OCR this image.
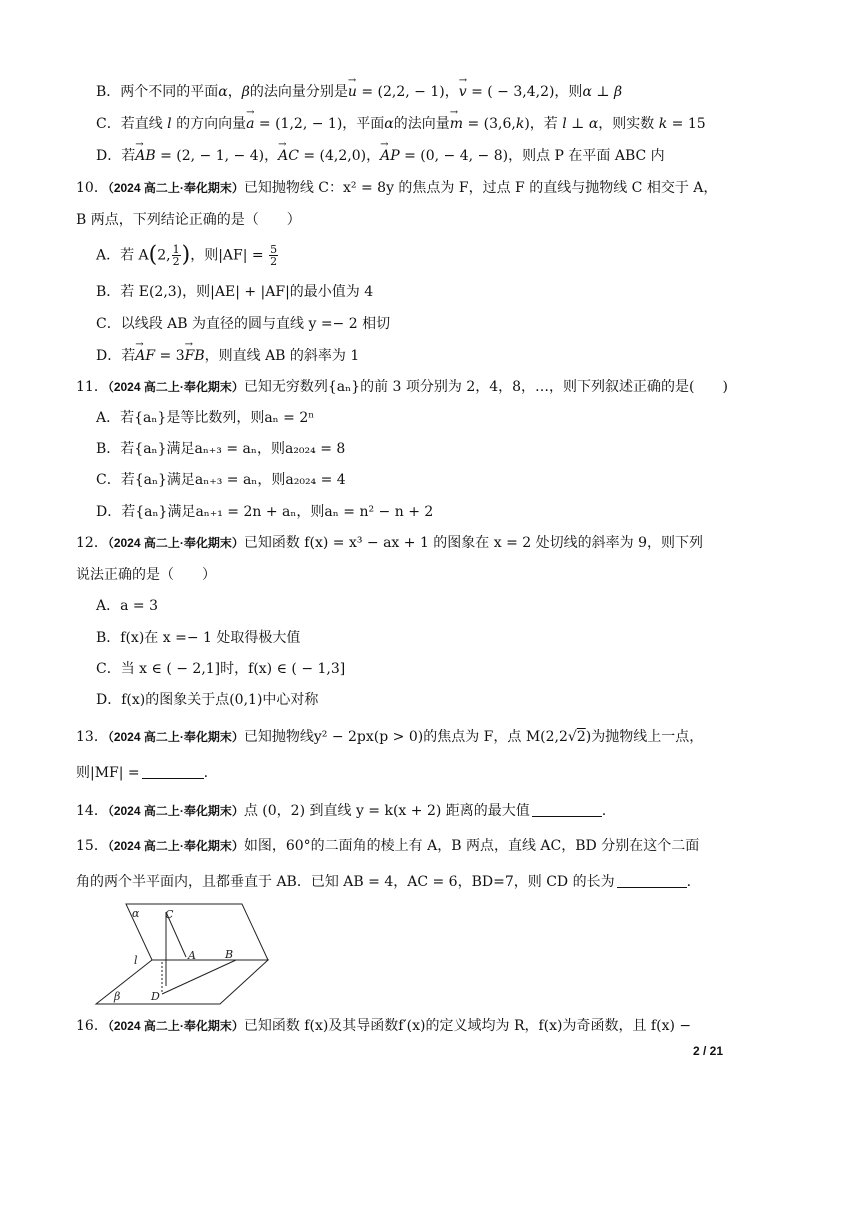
B．两个不同的平面α，β的法向量分别是→ u = (2,2, − 1)，→ v = ( − 3,4,2)，则α ⊥ β
C．若直线 l 的方向向量→ a = (1,2, − 1)，平面α的法向量→ m = (3,6,k)，若 l ⊥ α，则实数 k = 15
D．若→ AB = (2, − 1, − 4)，→ AC = (4,2,0)，→ AP = (0, − 4, − 8)，则点 P 在平面 ABC 内
10．（2024 高二上·奉化期末）已知抛物线 C：x² = 8y 的焦点为 F，过点 F 的直线与抛物线 C 相交于 A，
B 两点，下列结论正确的是（　　）
A．若 A(2, $\frac{1}{2}$ )，则$|AF| = \frac{5}{2}$
B．若 E(2,3)，则|AE| + |AF|的最小值为 4
C．以线段 AB 为直径的圆与直线 y =− 2 相切
D．若→ AF = 3→ FB，则直线 AB 的斜率为 1
11．（2024 高二上·奉化期末）已知无穷数列{aₙ}的前 3 项分别为 2，4，8，…，则下列叙述正确的是(　　)
A．若{aₙ}是等比数列，则aₙ = 2ⁿ
B．若{aₙ}满足aₙ₊₃ = aₙ，则a₂₀₂₄ = 8
C．若{aₙ}满足aₙ₊₃ = aₙ，则a₂₀₂₄ = 4
D．若{aₙ}满足aₙ₊₁ = 2n + aₙ，则aₙ = n² − n + 2
12．（2024 高二上·奉化期末）已知函数 f(x) = x³ − ax + 1 的图象在 x = 2 处切线的斜率为 9，则下列
说法正确的是（　　）
A．a = 3
B．f(x)在 x =− 1 处取得极大值
C．当 x ∈ ( − 2,1]时，f(x) ∈ ( − 1,3]
D．f(x)的图象关于点(0,1)中心对称
13．（2024 高二上·奉化期末）已知抛物线y² − 2px(p > 0)的焦点为 F，点 M(2,2√2)为抛物线上一点，
则|MF| =	.
14．（2024 高二上·奉化期末）点 (0，2) 到直线 y = k(x + 2) 距离的最大值	.
15．（2024 高二上·奉化期末）如图，60°的二面角的棱上有 A，B 两点，直线 AC，BD 分别在这个二面
角的两个半平面内，且都垂直于 AB．已知 AB = 4，AC = 6，BD=7，则 CD 的长为	.
α C
A	B
l
β	D
16．（2024 高二上·奉化期末）已知函数 f(x)及其导函数f′(x)的定义域均为 R，f(x)为奇函数，且 f(x) −
2 / 21
